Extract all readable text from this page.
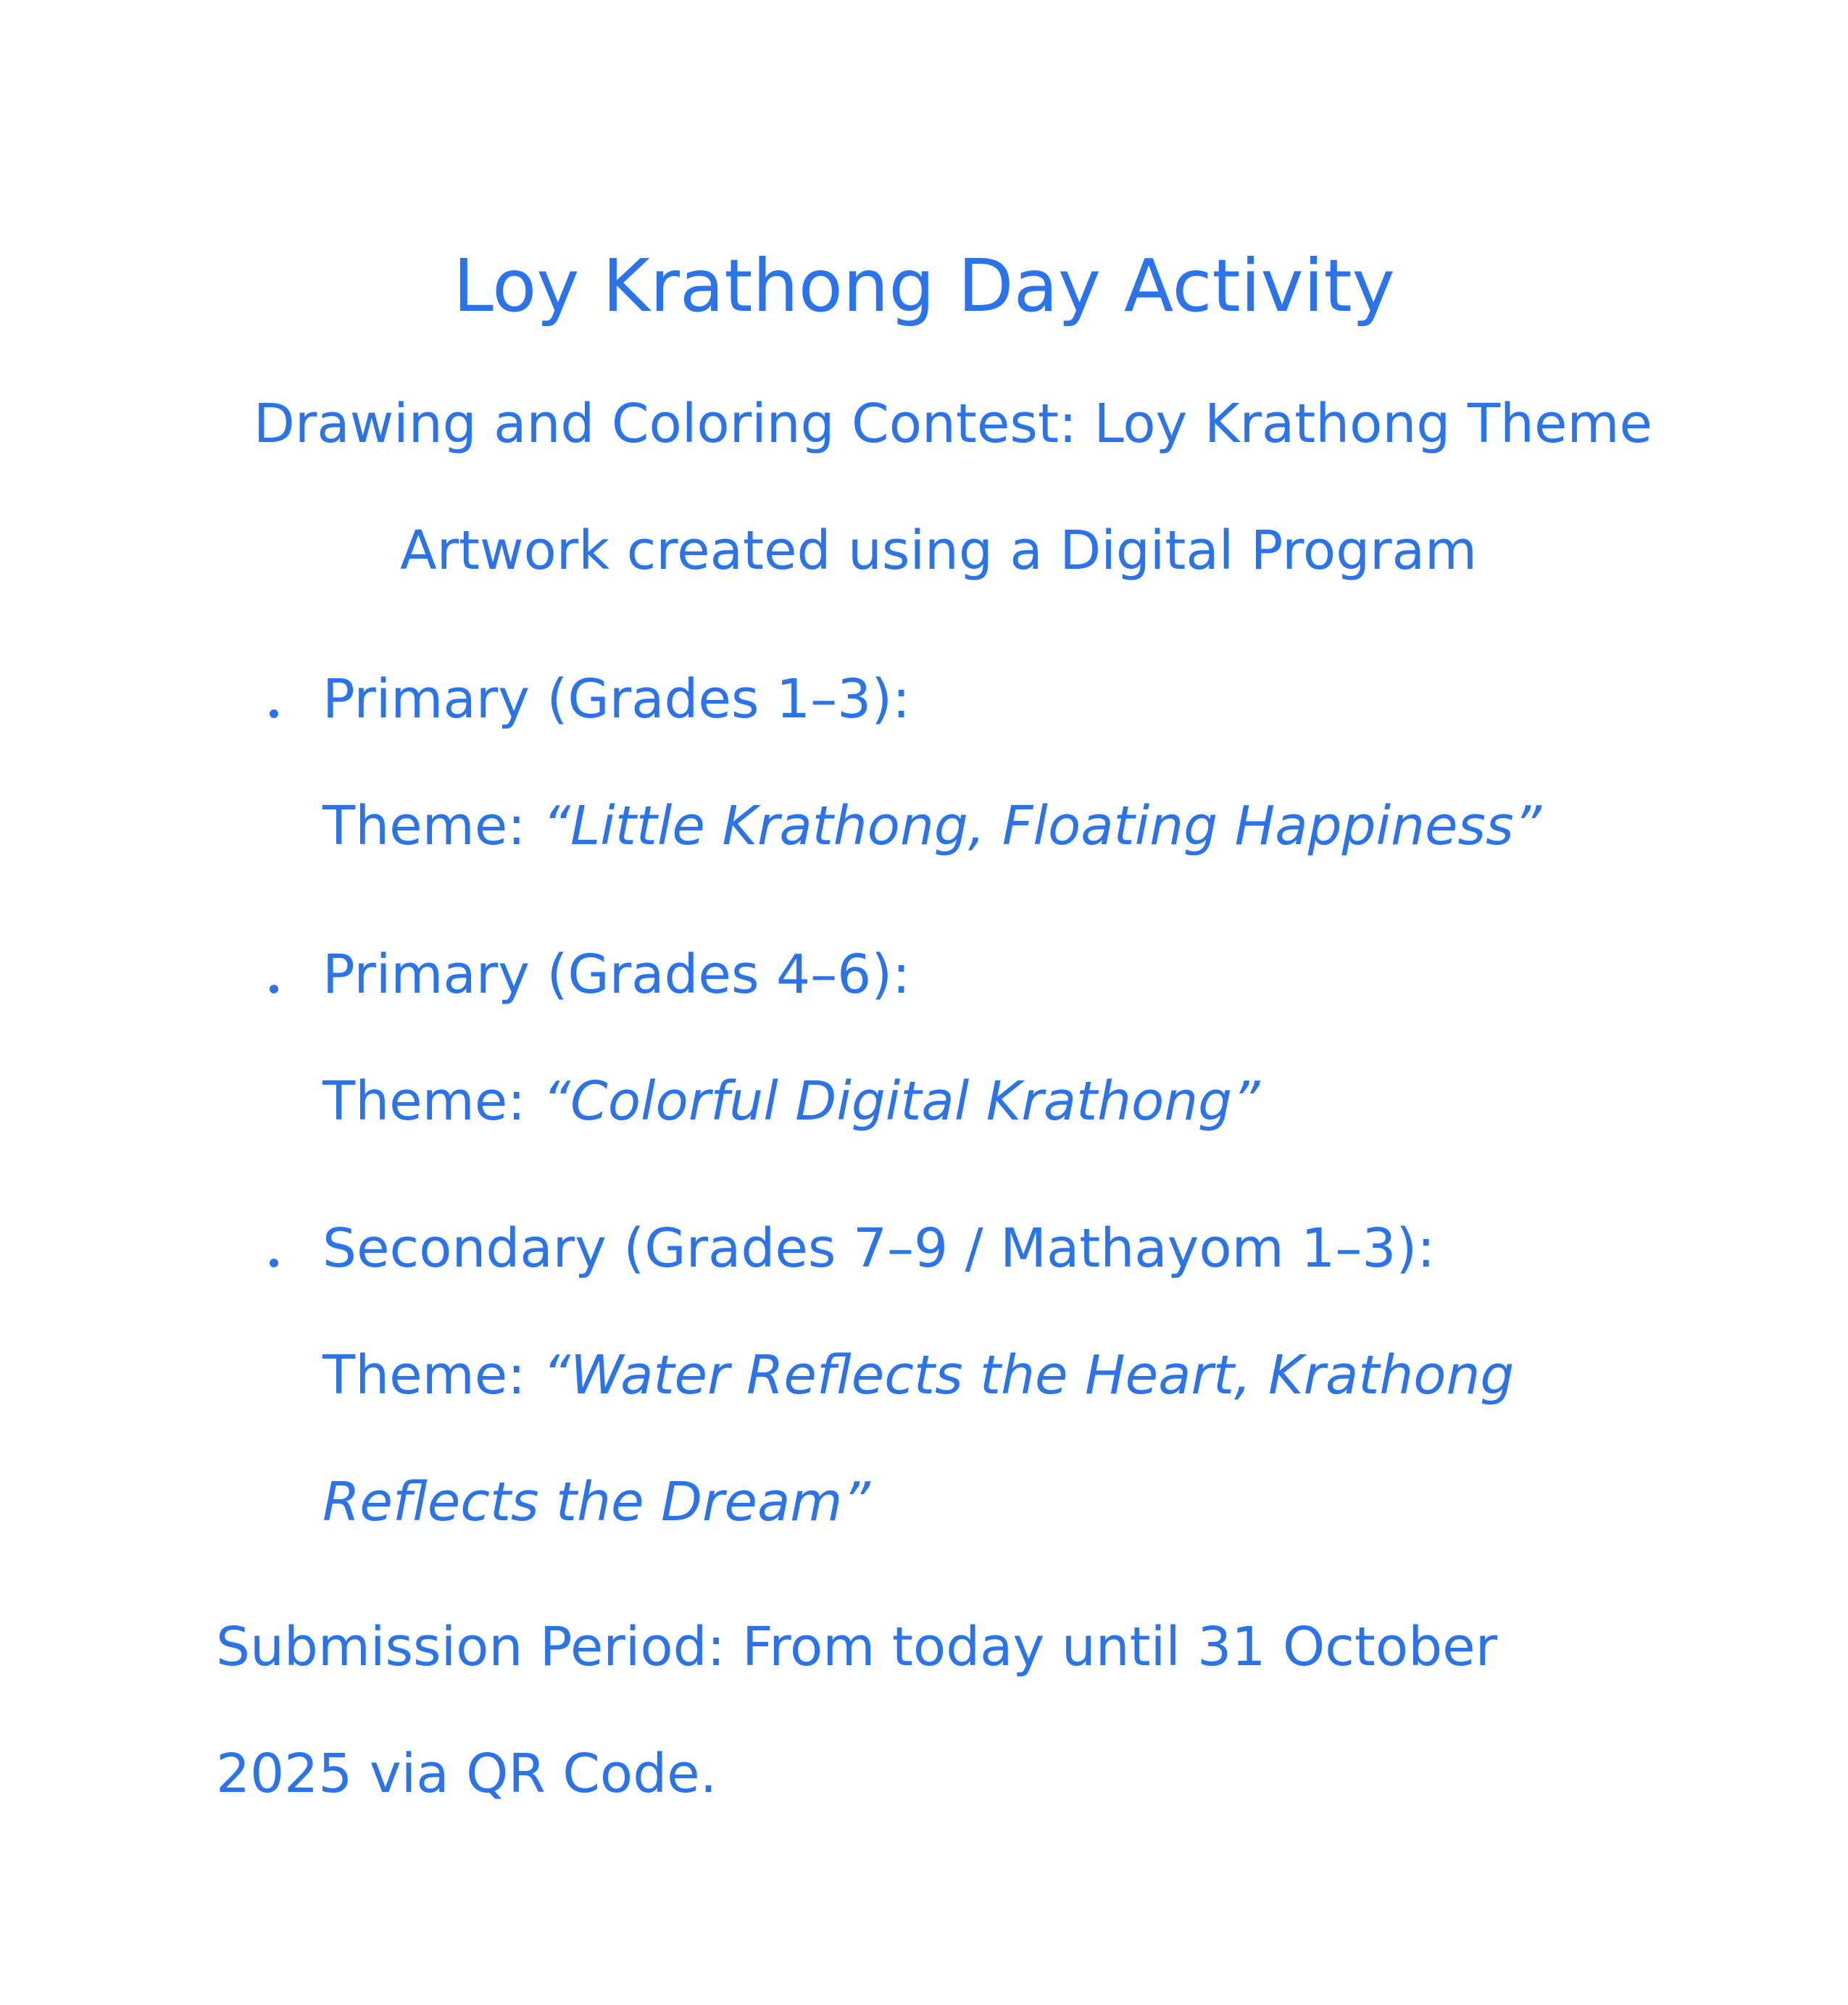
Loy Krathong Day Activity
Drawing and Coloring Contest: Loy Krathong Theme
Artwork created using a Digital Program
Primary (Grades 1–3):
Theme: “Little Krathong, Floating Happiness”
Primary (Grades 4–6):
Theme: “Colorful Digital Krathong”
Secondary (Grades 7–9 / Mathayom 1–3):
Theme: “Water Reflects the Heart, Krathong
Reflects the Dream”
Submission Period: From today until 31 October
2025 via QR Code.
